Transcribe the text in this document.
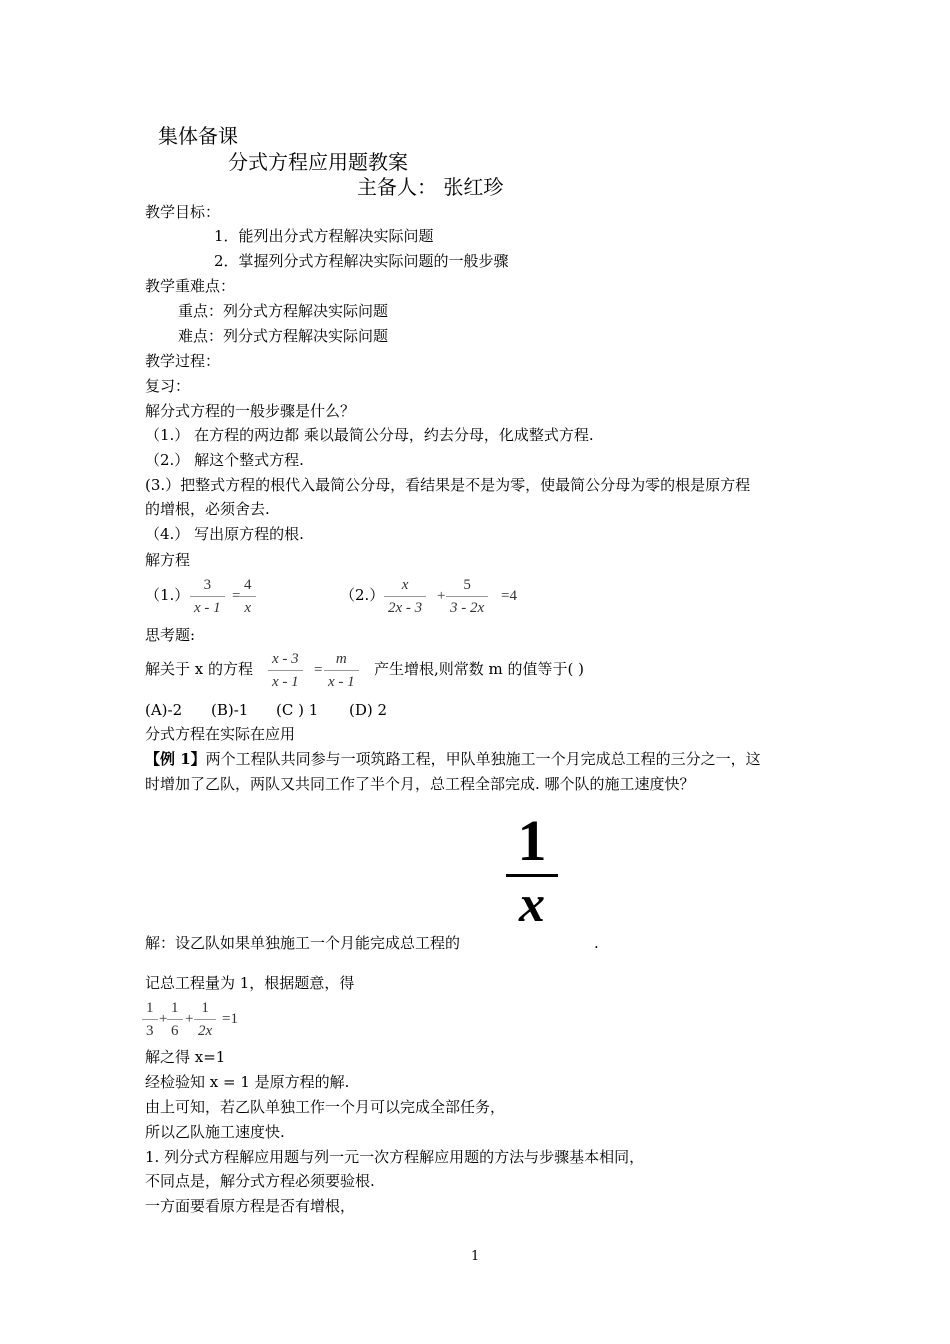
集体备课
分式方程应用题教案
主备人： 张红珍
教学目标：
1．能列出分式方程解决实际问题
2．掌握列分式方程解决实际问题的一般步骤
教学重难点：
重点：列分式方程解决实际问题
难点：列分式方程解决实际问题
教学过程：
复习：
解分式方程的一般步骤是什么？
（1.） 在方程的两边都 乘以最简公分母，约去分母，化成整式方程.
（2.） 解这个整式方程.
(3.）把整式方程的根代入最简公分母，看结果是不是为零，使最简公分母为零的根是原方程
的增根，必须舍去.
（4.） 写出原方程的根.
解方程
（1.）
3
x - 1
=
4
x
（2.）
x
2x - 3
+
5
3 - 2x
=4
思考题:
解关于 x 的方程
x - 3
x - 1
=
m
x - 1
产生增根,则常数 m 的值等于( )
(A)-2 (B)-1 (C ) 1 (D) 2
分式方程在实际在应用
【例 1】两个工程队共同参与一项筑路工程，甲队单独施工一个月完成总工程的三分之一，这
时增加了乙队，两队又共同工作了半个月，总工程全部完成. 哪个队的施工速度快？
1
x
解：设乙队如果单独施工一个月能完成总工程的	.
记总工程量为 1，根据题意，得
1
3
+
1
6
+
1
2x
=1
解之得 x=1
经检验知 x = 1 是原方程的解.
由上可知，若乙队单独工作一个月可以完成全部任务，
所以乙队施工速度快.
1. 列分式方程解应用题与列一元一次方程解应用题的方法与步骤基本相同，
不同点是，解分式方程必须要验根.
一方面要看原方程是否有增根，
1
